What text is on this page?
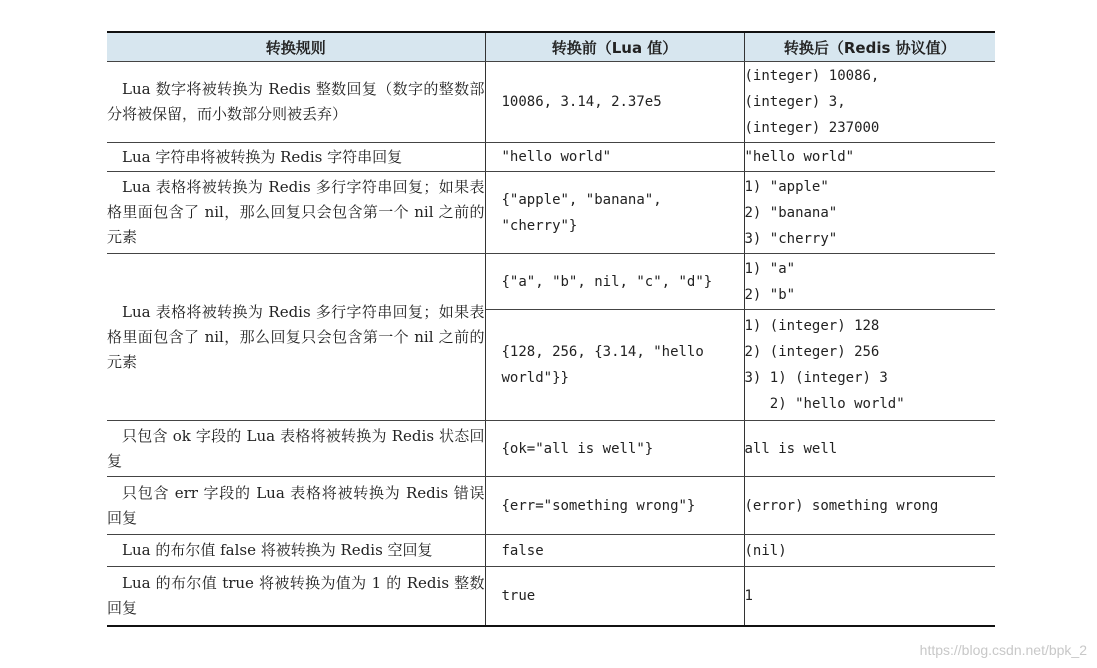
转换规则	转换前（Lua 值）	转换后（Redis 协议值）

Lua 数字将被转换为 Redis 整数回复（数字的整数部分将被保留，而小数部分则被丢弃）	10086, 3.14, 2.37e5	(integer) 10086,
(integer) 3,
(integer) 237000

Lua 字符串将被转换为 Redis 字符串回复	"hello world"	"hello world"

Lua 表格将被转换为 Redis 多行字符串回复；如果表格里面包含了 nil，那么回复只会包含第一个 nil 之前的元素	{"apple", "banana", "cherry"}	1) "apple"
2) "banana"
3) "cherry"

Lua 表格将被转换为 Redis 多行字符串回复；如果表格里面包含了 nil，那么回复只会包含第一个 nil 之前的元素	{"a", "b", nil, "c", "d"}	1) "a"
2) "b"

	{128, 256, {3.14, "hello world"}}	1) (integer) 128
2) (integer) 256
3) 1) (integer) 3
2) "hello world"

只包含 ok 字段的 Lua 表格将被转换为 Redis 状态回复	{ok="all is well"}	all is well

只包含 err 字段的 Lua 表格将被转换为 Redis 错误回复	{err="something wrong"}	(error) something wrong

Lua 的布尔值 false 将被转换为 Redis 空回复	false	(nil)

Lua 的布尔值 true 将被转换为值为 1 的 Redis 整数回复	true	1
https://blog.csdn.net/bpk_2
